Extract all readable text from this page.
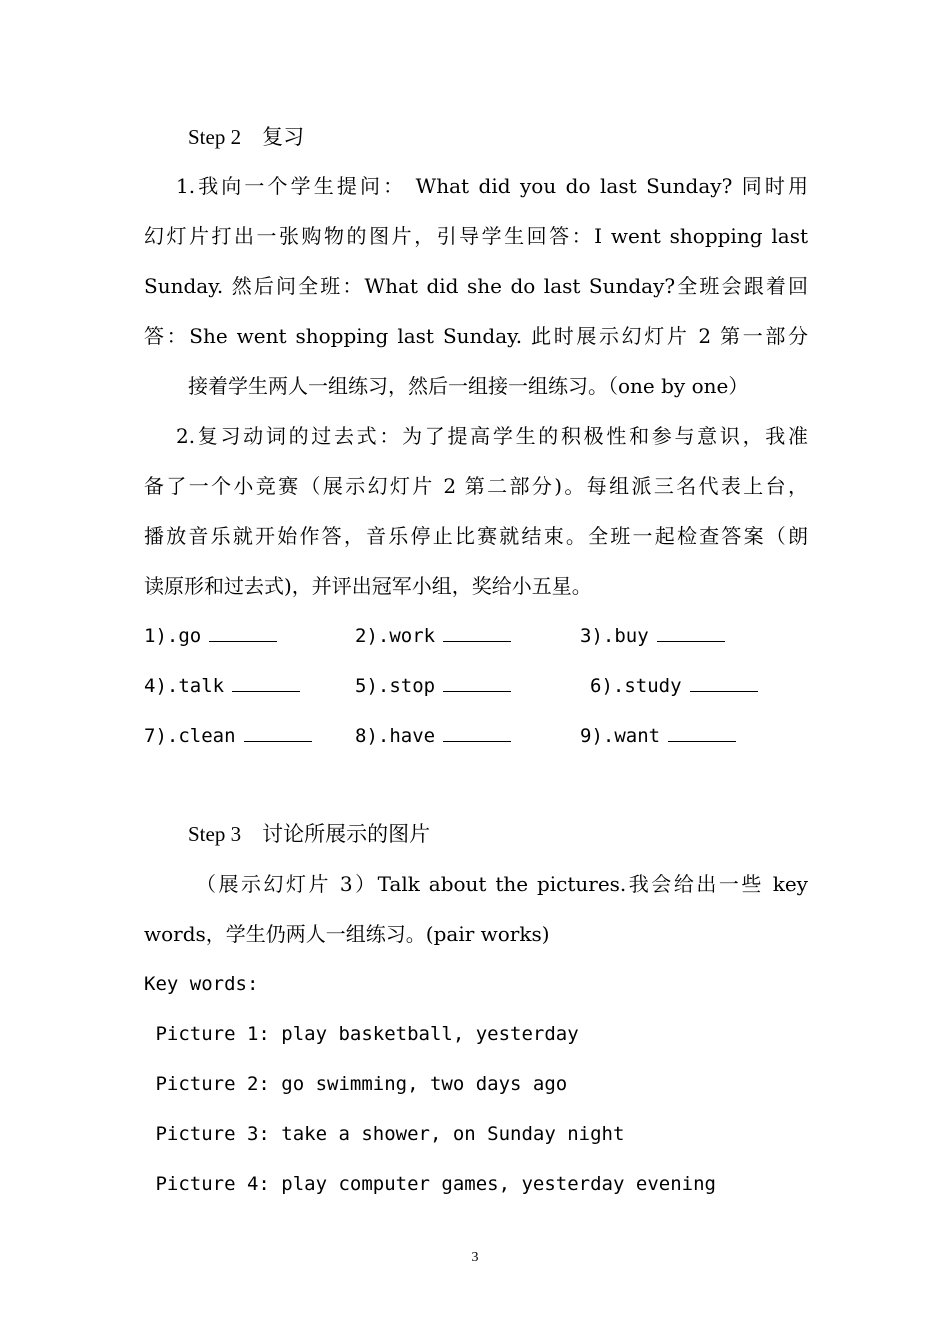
Step 2　复习
1.我向一个学生提问： What did you do last Sunday? 同时用
幻灯片打出一张购物的图片，引导学生回答：I went shopping last
Sunday. 然后问全班：What did she do last Sunday?全班会跟着回
答：She went shopping last Sunday. 此时展示幻灯片 2 第一部分
接着学生两人一组练习，然后一组接一组练习。（one by one）
2.复习动词的过去式：为了提高学生的积极性和参与意识，我准
备了一个小竞赛（展示幻灯片 2 第二部分)。每组派三名代表上台，
播放音乐就开始作答，音乐停止比赛就结束。全班一起检查答案（朗
读原形和过去式)，并评出冠军小组，奖给小五星。
1).go	2).work	3).buy
4).talk	5).stop	6).study
7).clean	8).have	9).want
Step 3　讨论所展示的图片
（展示幻灯片 3）Talk about the pictures.我会给出一些 key
words，学生仍两人一组练习。(pair works)
Key words:
Picture 1: play basketball, yesterday
Picture 2: go swimming, two days ago
Picture 3: take a shower, on Sunday night
Picture 4: play computer games, yesterday evening
3
